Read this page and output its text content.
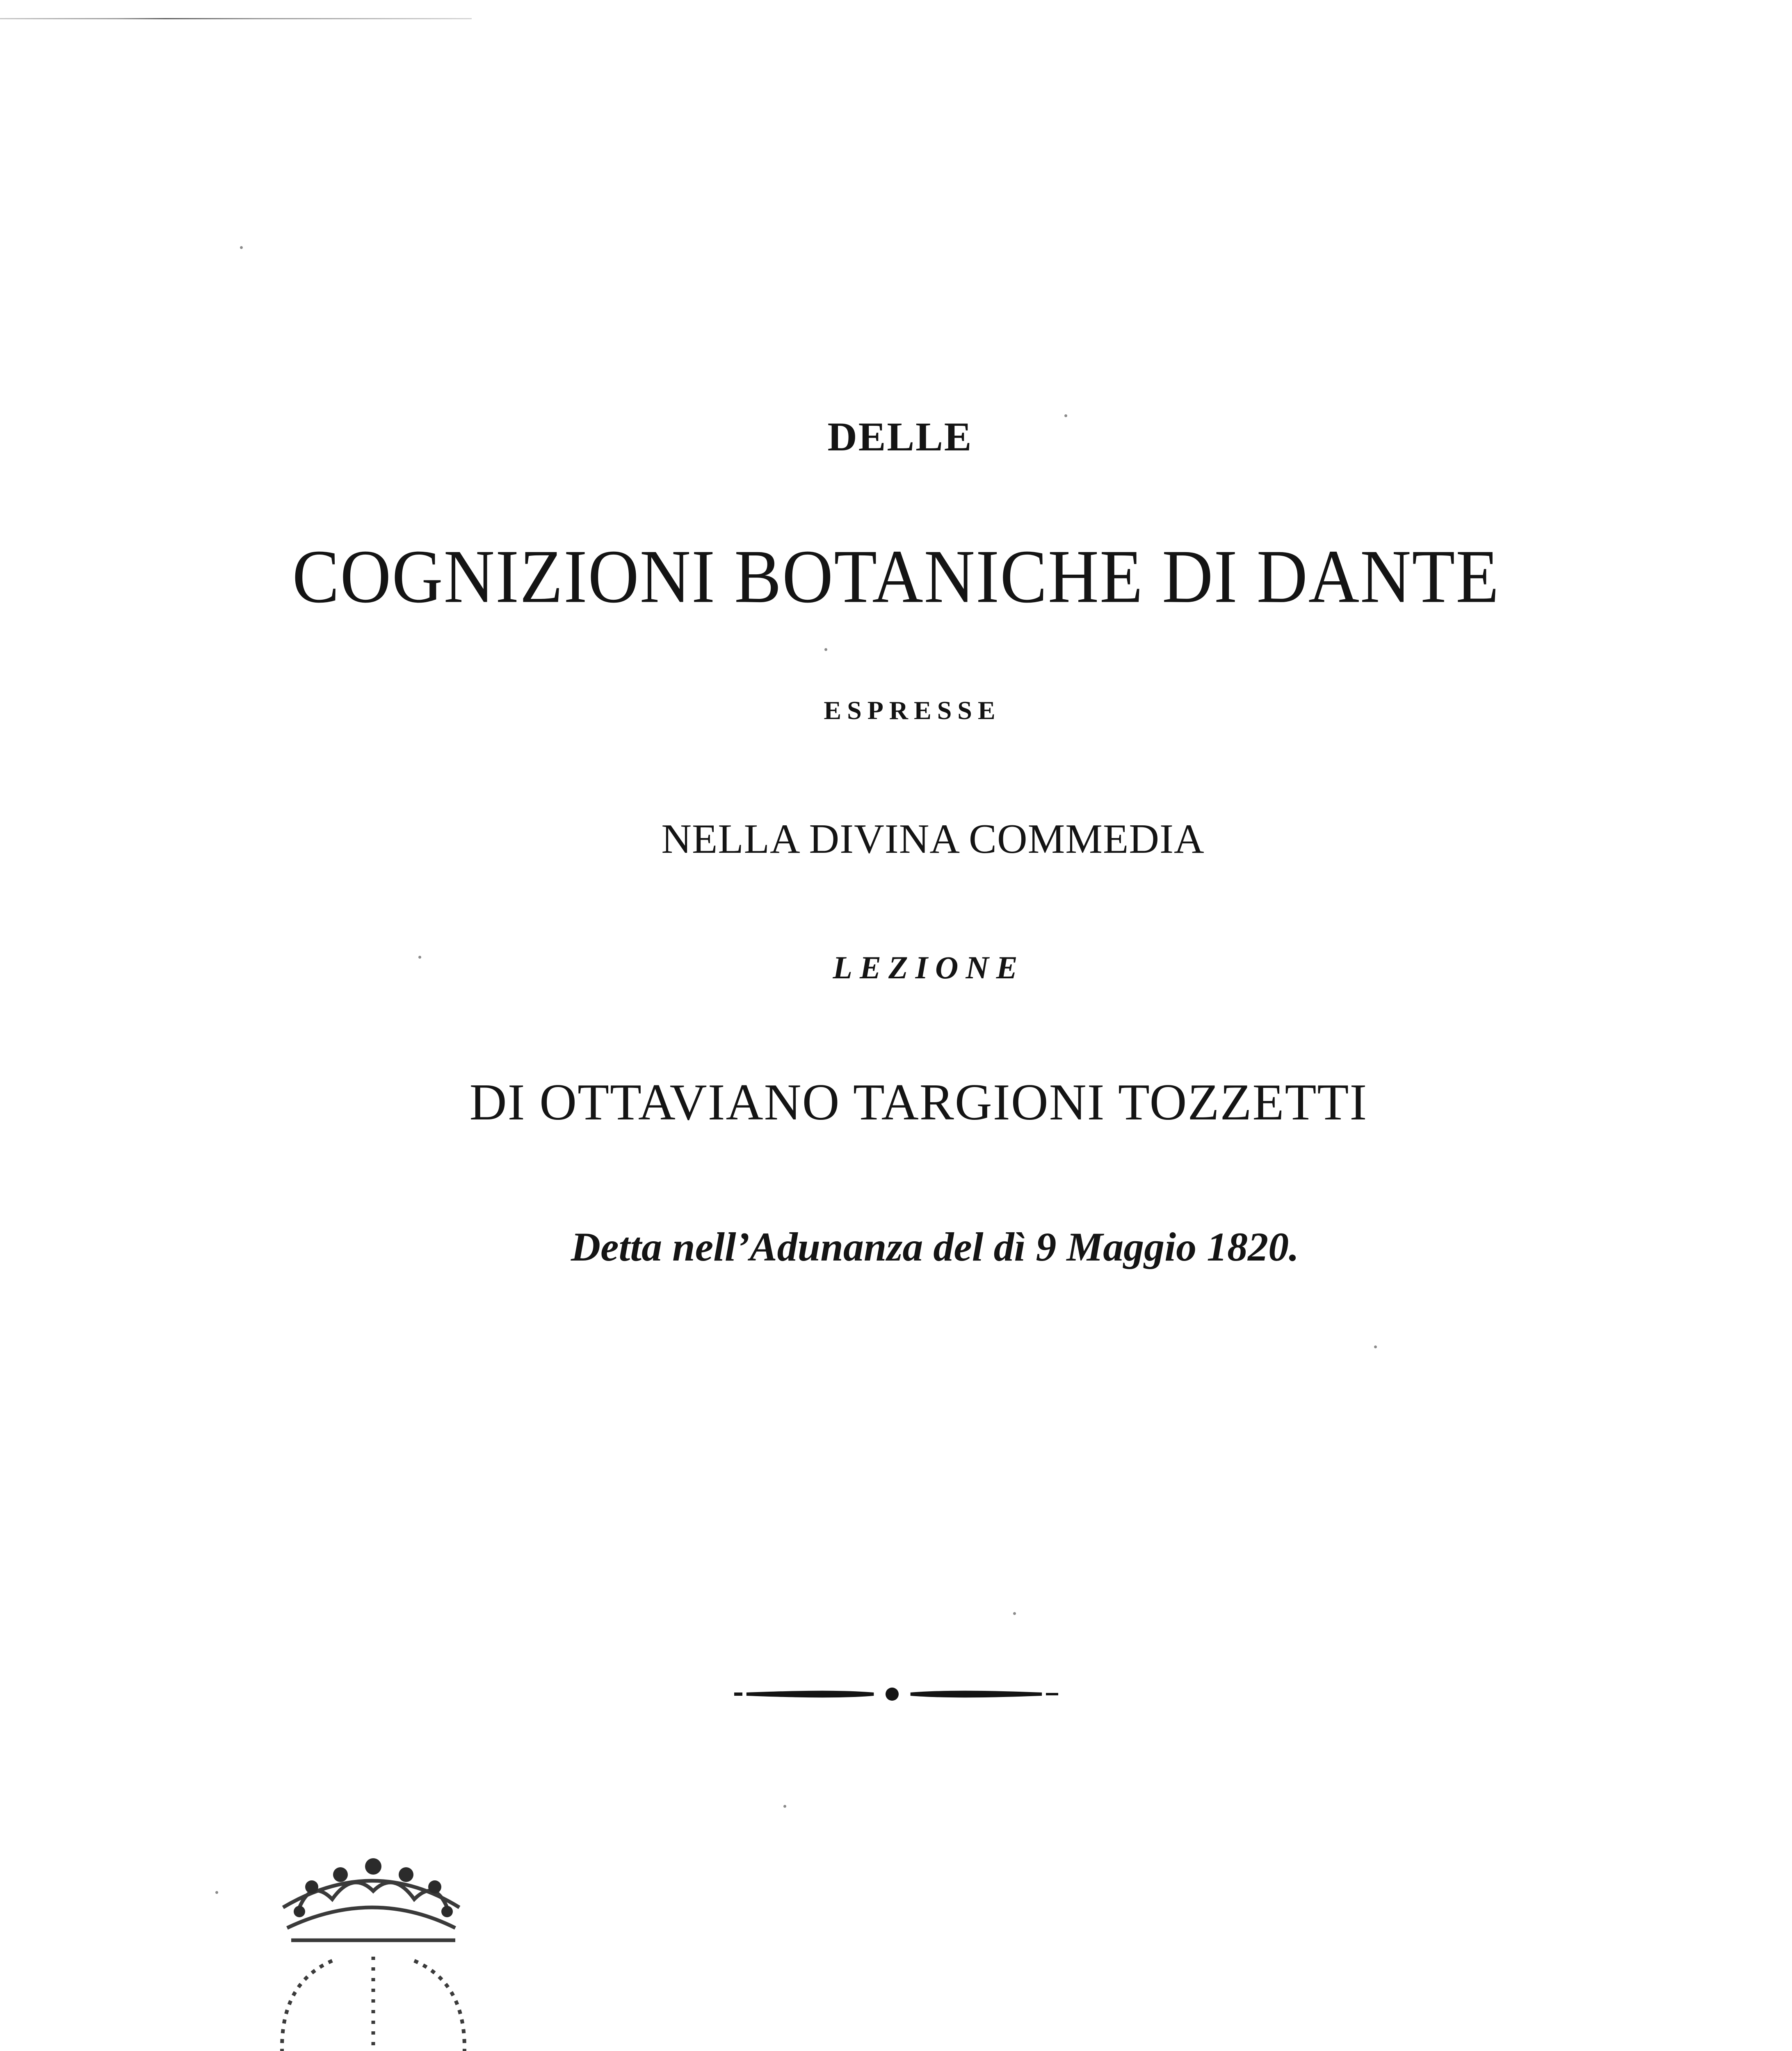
DELLE
COGNIZIONI BOTANICHE DI DANTE
ESPRESSE
NELLA DIVINA COMMEDIA
LEZIONE
DI OTTAVIANO TARGIONI TOZZETTI
Detta nell’Adunanza del dì 9 Maggio 1820.
